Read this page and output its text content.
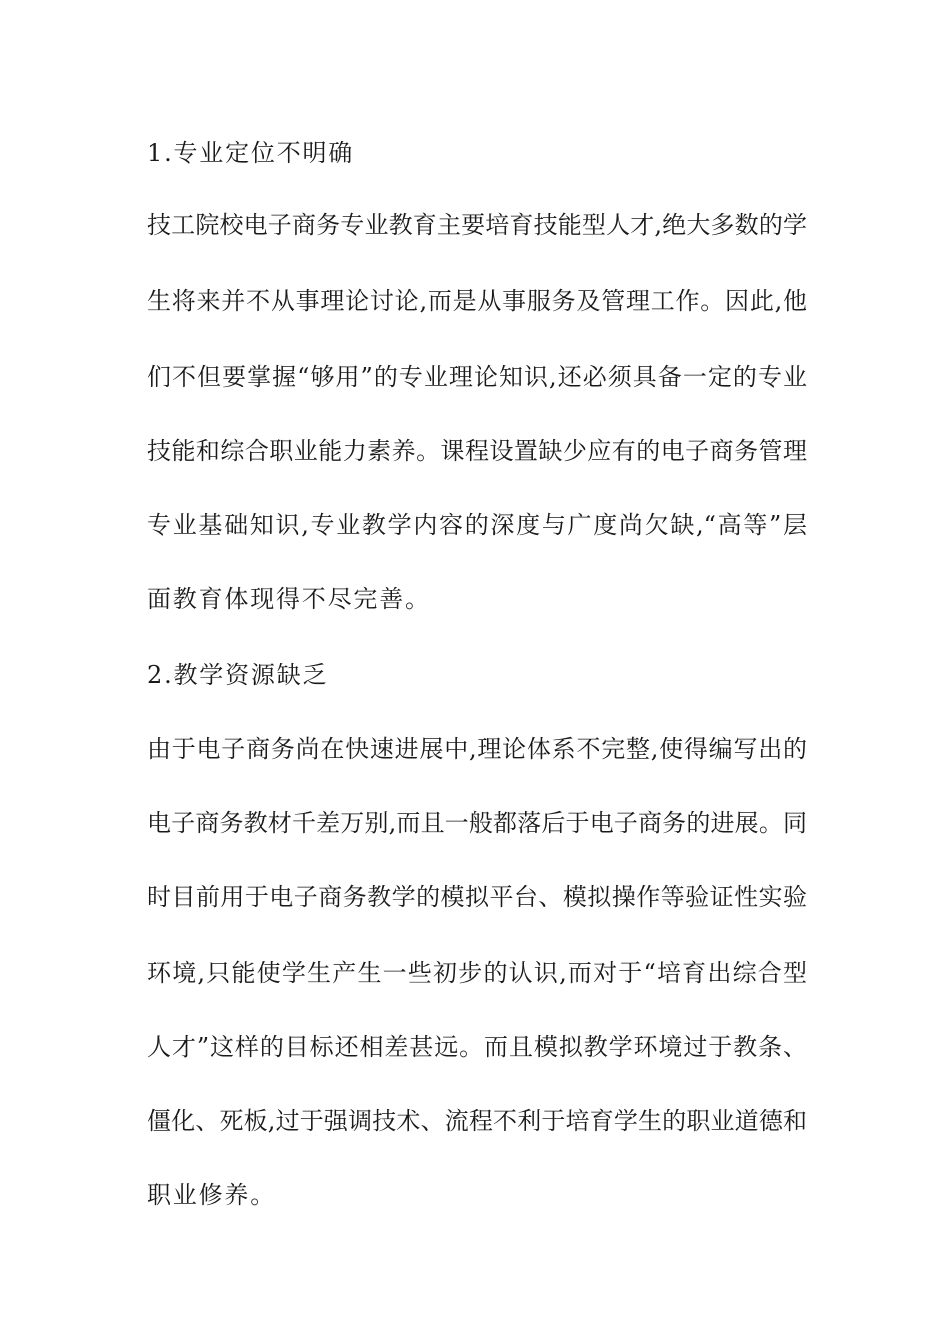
1.专业定位不明确
技工院校电子商务专业教育主要培育技能型人才,绝大多数的学
生将来并不从事理论讨论,而是从事服务及管理工作。因此,他
们不但要掌握“够用”的专业理论知识,还必须具备一定的专业
技能和综合职业能力素养。课程设置缺少应有的电子商务管理
专业基础知识,专业教学内容的深度与广度尚欠缺,“高等”层
面教育体现得不尽完善。
2.教学资源缺乏
由于电子商务尚在快速进展中,理论体系不完整,使得编写出的
电子商务教材千差万别,而且一般都落后于电子商务的进展。同
时目前用于电子商务教学的模拟平台、模拟操作等验证性实验
环境,只能使学生产生一些初步的认识,而对于“培育出综合型
人才”这样的目标还相差甚远。而且模拟教学环境过于教条、
僵化、死板,过于强调技术、流程不利于培育学生的职业道德和
职业修养。
